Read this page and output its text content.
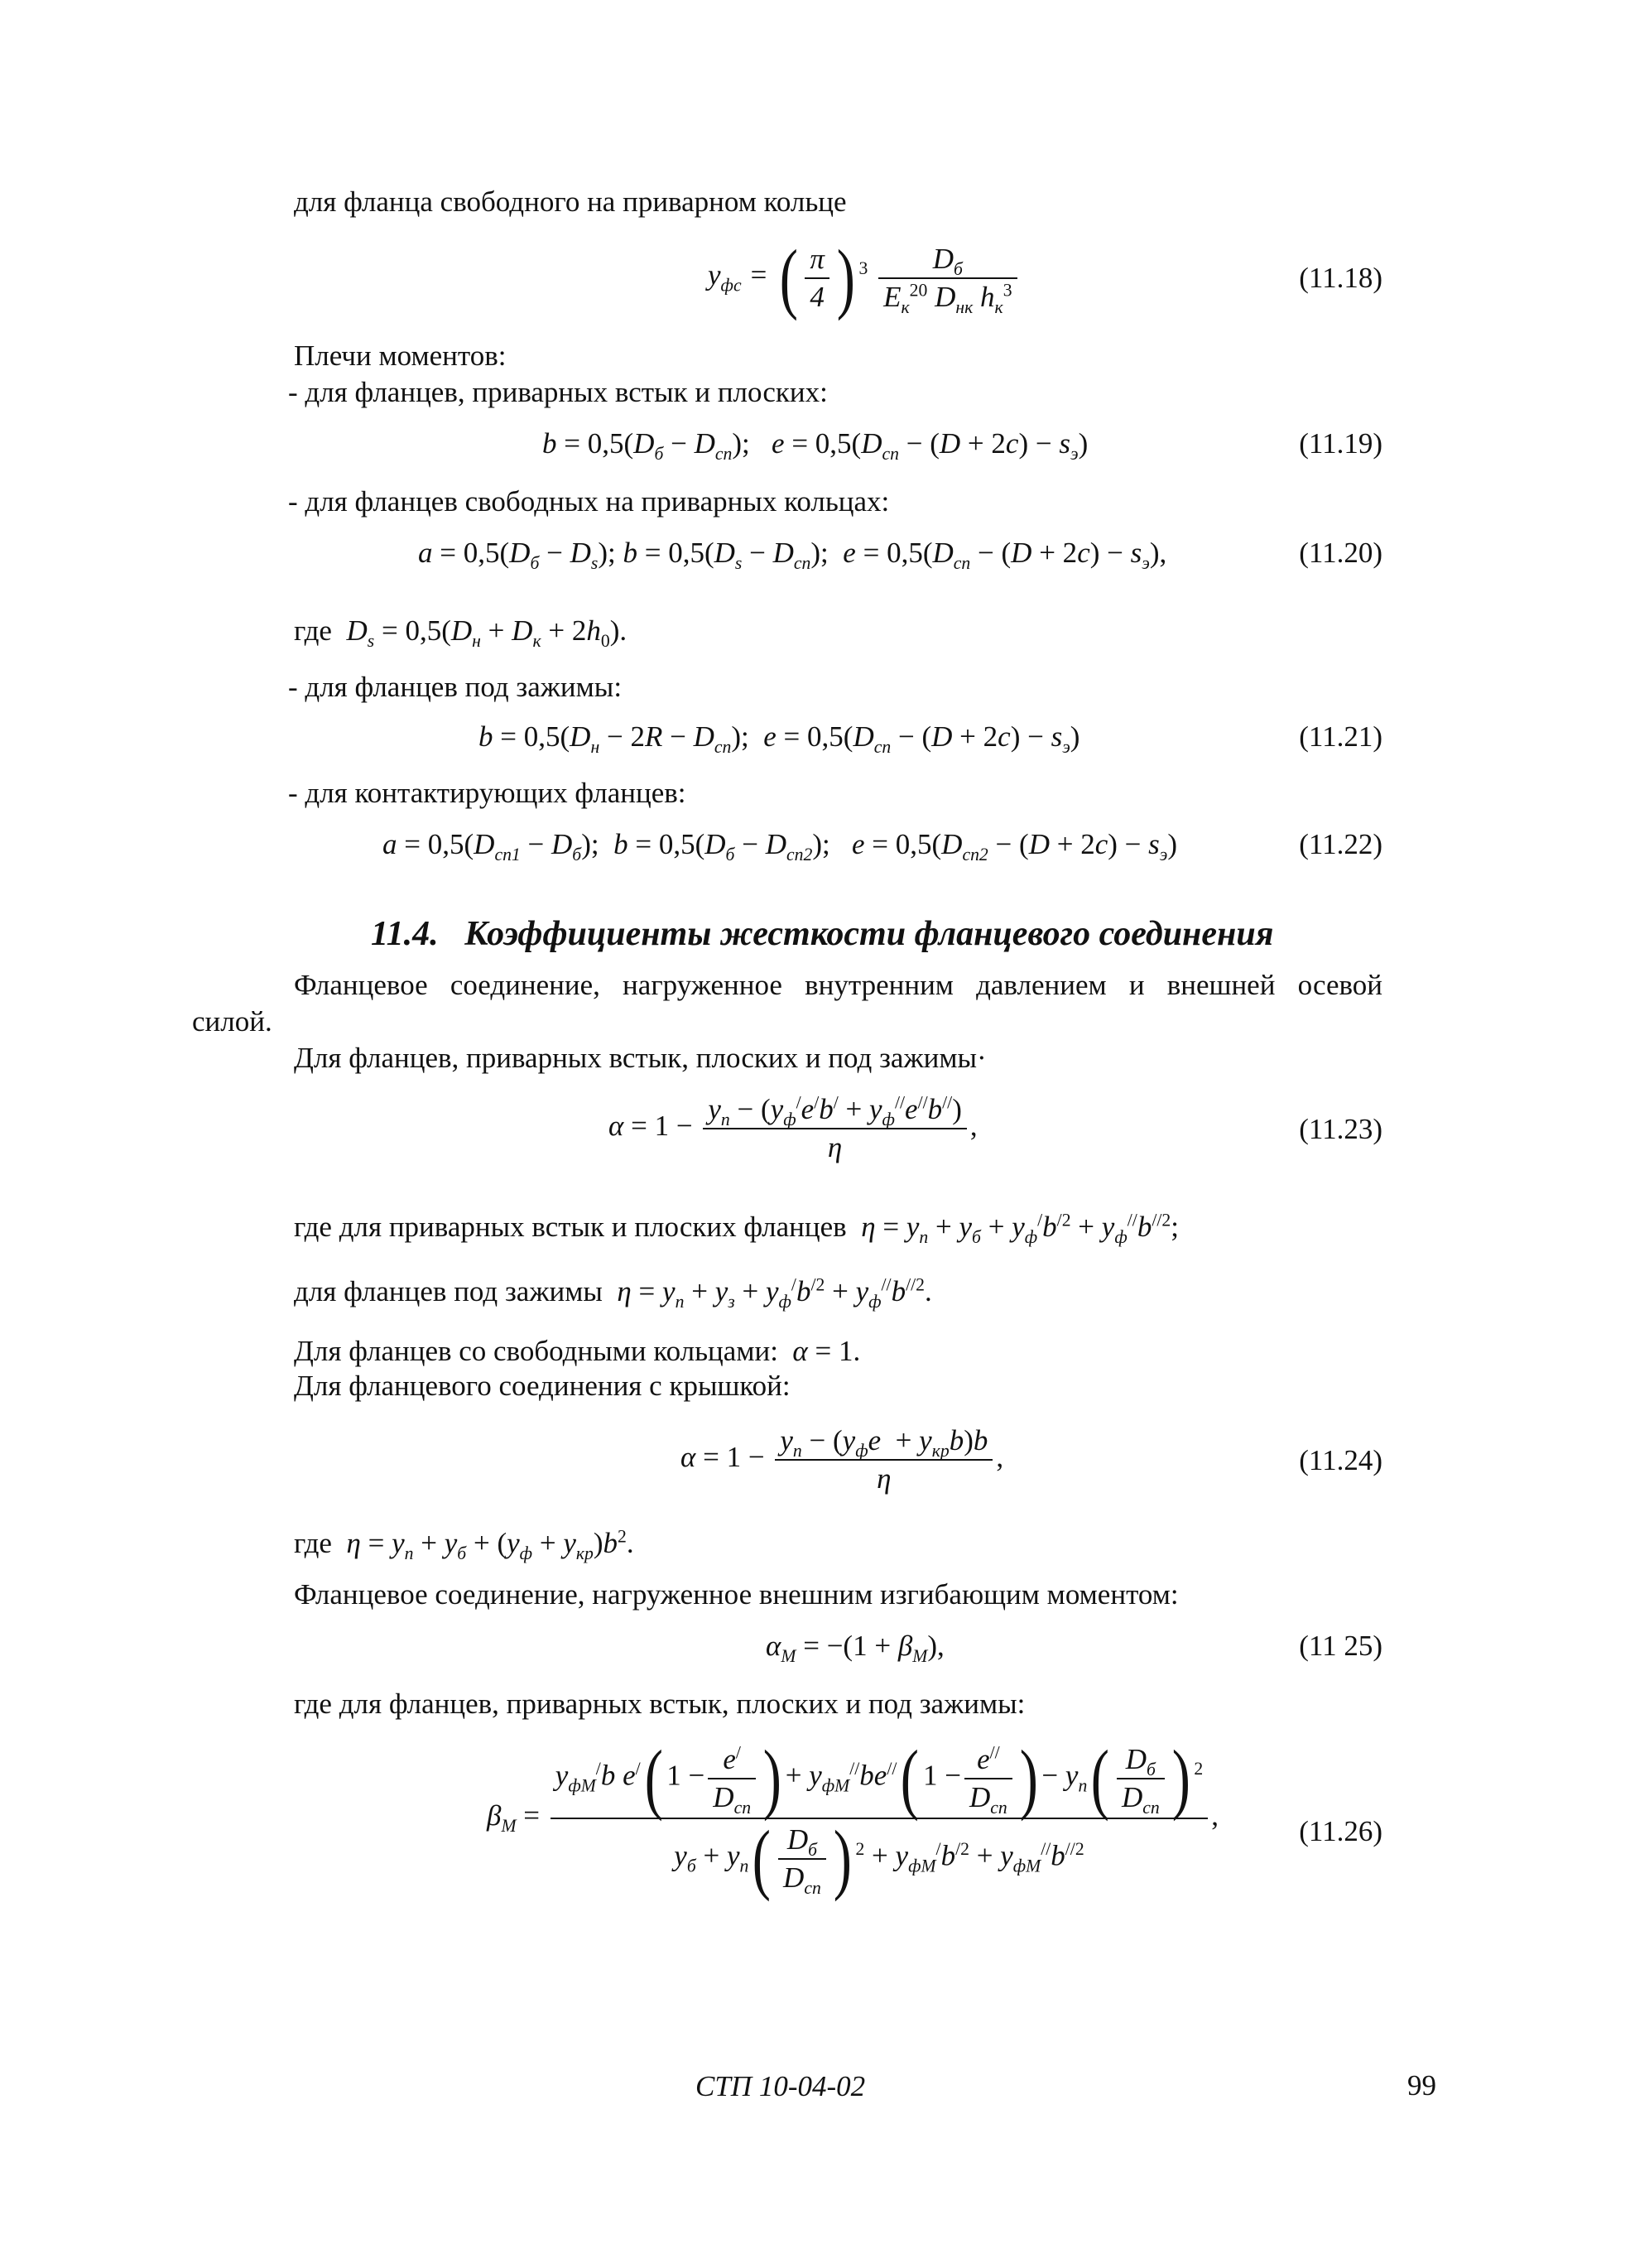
для фланца свободного на приварном кольце
$y_{фс}$ = ( $\frac{\pi}{4}$ ) $^3 \frac{D_б}{E_к^{20} D_{нк} h_к^3}$	(11.18)
Плечи моментов:
- для фланцев, приварных встык и плоских:
$b = 0,5(D_б - D_{сп})$;   $e = 0,5(D_{сп} - (D + 2c) - s_э)$	(11.19)
- для фланцев свободных на приварных кольцах:
$a = 0,5(D_б - D_s)$; $b = 0,5(D_s - D_{сп})$;  $e = 0,5(D_{сп} - (D + 2c) - s_э)$,	(11.20)
где  $D_s = 0,5(D_н + D_к + 2h_0)$.
- для фланцев под зажимы:
$b = 0,5(D_н - 2R - D_{сп})$;  $e = 0,5(D_{сп} - (D + 2c) - s_э)$	(11.21)
- для контактирующих фланцев:
$a = 0,5(D_{сп1} - D_б)$;  $b = 0,5(D_б - D_{сп2})$;   $e = 0,5(D_{сп2} - (D + 2c) - s_э)$	(11.22)
11.4. Коэффициенты жесткости фланцевого соединения
Фланцевое соединение, нагруженное внутренним давлением и внешней осевой
силой.
Для фланцев, приварных встык, плоских и под зажимы·
$\alpha = 1 - \frac{y_п - (y_ф^/e^/b^/ + y_ф^{//}e^{//}b^{//})}{\eta}$ ,	(11.23)
где для приварных встык и плоских фланцев  $\eta = y_п + y_б + y_ф^/b^{/2} + y_ф^{//}b^{//2}$;
для фланцев под зажимы  $\eta = y_п + y_з + y_ф^/b^{/2} + y_ф^{//}b^{//2}$.
Для фланцев со свободными кольцами:  α = 1.
Для фланцевого соединения с крышкой:
$\alpha = 1 - \frac{y_п - (y_фe + y_{кр}b)b}{\eta}$ ,	(11.24)
где  $\eta = y_п + y_б + (y_ф + y_{кр})b^2$.
Фланцевое соединение, нагруженное внешним изгибающим моментом:
$\alpha_М = -(1 + \beta_М)$,	(11 25)
где для фланцев, приварных встык, плоских и под зажимы:
$\beta_М = \frac{y_{фМ}^/b e^/( 1 - \frac{e^/}{D_{сп}} ) + y_{фМ}^{//}be^{//}( 1 - \frac{e^{//}}{D_{сп}} ) - y_п( \frac{D_б}{D_{сп}} ) ^2}{y_б + y_п( \frac{D_б}{D_{сп}} ) ^2 + y_{фМ}^/b^{/2} + y_{фМ}^{//}b^{//2}}$ ,	(11.26)
СТП 10-04-02	99
